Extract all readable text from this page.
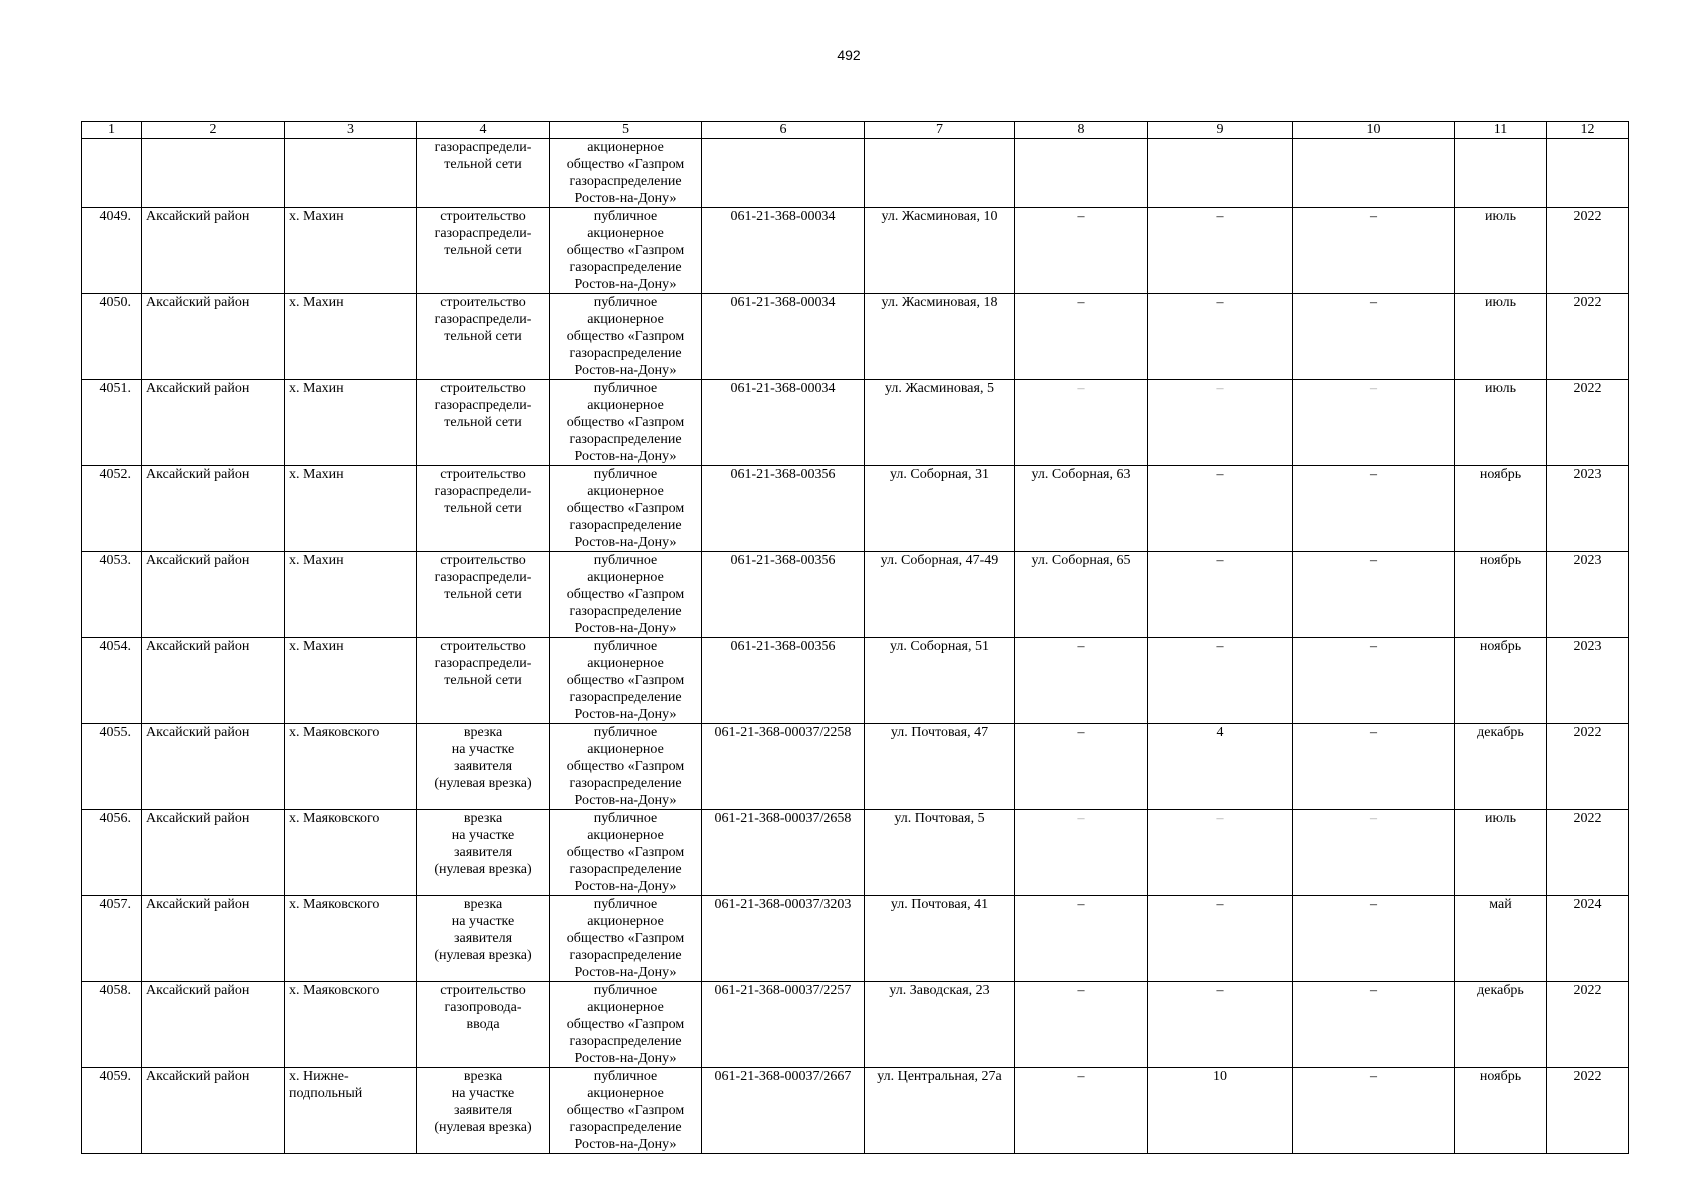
492
1	2	3	4	5	6	7	8	9	10	11	12
			газораспредели-
тельной сети	акционерное
общество «Газпром
газораспределение
Ростов-на-Дону»							
4049.	Аксайский район	х. Махин	строительство
газораспредели-
тельной сети	публичное
акционерное
общество «Газпром
газораспределение
Ростов-на-Дону»	061-21-368-00034	ул. Жасминовая, 10	–	–	–	июль	2022
4050.	Аксайский район	х. Махин	строительство
газораспредели-
тельной сети	публичное
акционерное
общество «Газпром
газораспределение
Ростов-на-Дону»	061-21-368-00034	ул. Жасминовая, 18	–	–	–	июль	2022
4051.	Аксайский район	х. Махин	строительство
газораспредели-
тельной сети	публичное
акционерное
общество «Газпром
газораспределение
Ростов-на-Дону»	061-21-368-00034	ул. Жасминовая, 5	–	–	–	июль	2022
4052.	Аксайский район	х. Махин	строительство
газораспредели-
тельной сети	публичное
акционерное
общество «Газпром
газораспределение
Ростов-на-Дону»	061-21-368-00356	ул. Соборная, 31	ул. Соборная, 63	–	–	ноябрь	2023
4053.	Аксайский район	х. Махин	строительство
газораспредели-
тельной сети	публичное
акционерное
общество «Газпром
газораспределение
Ростов-на-Дону»	061-21-368-00356	ул. Соборная, 47-49	ул. Соборная, 65	–	–	ноябрь	2023
4054.	Аксайский район	х. Махин	строительство
газораспредели-
тельной сети	публичное
акционерное
общество «Газпром
газораспределение
Ростов-на-Дону»	061-21-368-00356	ул. Соборная, 51	–	–	–	ноябрь	2023
4055.	Аксайский район	х. Маяковского	врезка
на участке
заявителя
(нулевая врезка)	публичное
акционерное
общество «Газпром
газораспределение
Ростов-на-Дону»	061-21-368-00037/2258	ул. Почтовая, 47	–	4	–	декабрь	2022
4056.	Аксайский район	х. Маяковского	врезка
на участке
заявителя
(нулевая врезка)	публичное
акционерное
общество «Газпром
газораспределение
Ростов-на-Дону»	061-21-368-00037/2658	ул. Почтовая, 5	–	–	–	июль	2022
4057.	Аксайский район	х. Маяковского	врезка
на участке
заявителя
(нулевая врезка)	публичное
акционерное
общество «Газпром
газораспределение
Ростов-на-Дону»	061-21-368-00037/3203	ул. Почтовая, 41	–	–	–	май	2024
4058.	Аксайский район	х. Маяковского	строительство
газопровода-
ввода	публичное
акционерное
общество «Газпром
газораспределение
Ростов-на-Дону»	061-21-368-00037/2257	ул. Заводская, 23	–	–	–	декабрь	2022
4059.	Аксайский район	х. Нижне-
подпольный	врезка
на участке
заявителя
(нулевая врезка)	публичное
акционерное
общество «Газпром
газораспределение
Ростов-на-Дону»	061-21-368-00037/2667	ул. Центральная, 27а	–	10	–	ноябрь	2022
